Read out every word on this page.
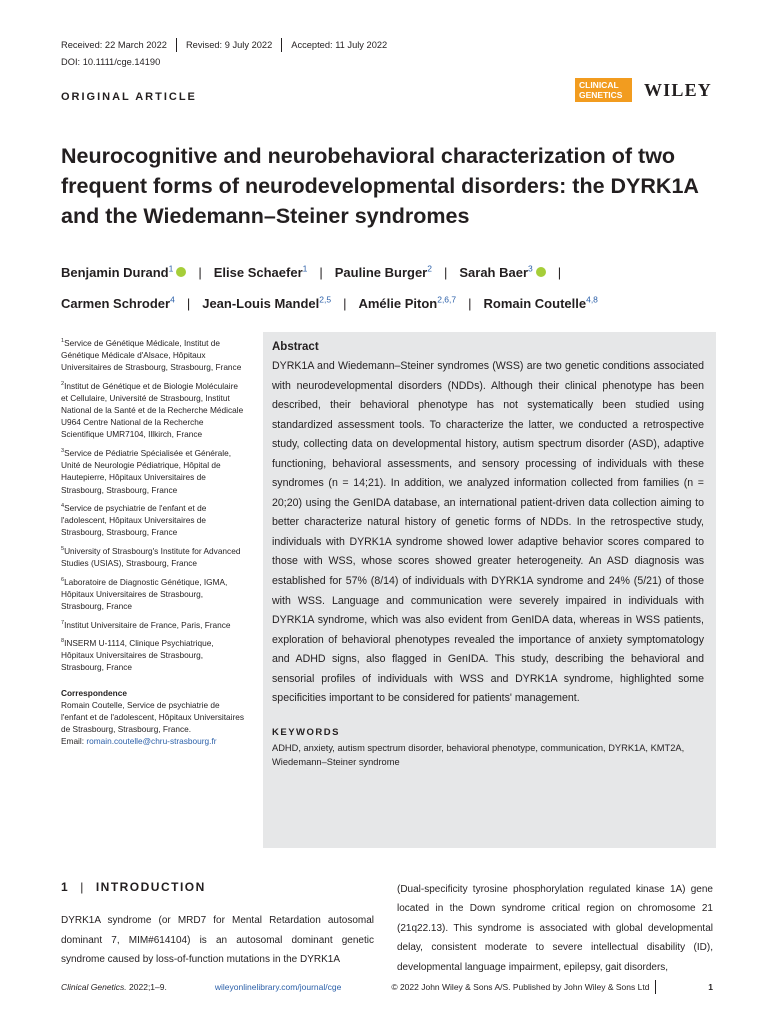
Received: 22 March 2022 Revised: 9 July 2022 Accepted: 11 July 2022
DOI: 10.1111/cge.14190
ORIGINAL ARTICLE
CLINICAL
GENETICS	WILEY
Neurocognitive and neurobehavioral characterization of two frequent forms of neurodevelopmental disorders: the DYRK1A and the Wiedemann–Steiner syndromes
Benjamin Durand$^1$ | Elise Schaefer$^1$ | Pauline Burger$^2$ | Sarah Baer$^3$ |
Carmen Schroder$^4$ | Jean-Louis Mandel$^{2,5}$ | Amélie Piton$^{2,6,7}$ | Romain Coutelle$^{4,8}$
$^1$Service de Génétique Médicale, Institut de Génétique Médicale d'Alsace, Hôpitaux Universitaires de Strasbourg, Strasbourg, France
$^2$Institut de Génétique et de Biologie Moléculaire et Cellulaire, Université de Strasbourg, Institut National de la Santé et de la Recherche Médicale U964 Centre National de la Recherche Scientifique UMR7104, Illkirch, France
$^3$Service de Pédiatrie Spécialisée et Générale, Unité de Neurologie Pédiatrique, Hôpital de Hautepierre, Hôpitaux Universitaires de Strasbourg, Strasbourg, France
$^4$Service de psychiatrie de l'enfant et de l'adolescent, Hôpitaux Universitaires de Strasbourg, Strasbourg, France
$^5$University of Strasbourg's Institute for Advanced Studies (USIAS), Strasbourg, France
$^6$Laboratoire de Diagnostic Génétique, IGMA, Hôpitaux Universitaires de Strasbourg, Strasbourg, France
$^7$Institut Universitaire de France, Paris, France
$^8$INSERM U-1114, Clinique Psychiatrique, Hôpitaux Universitaires de Strasbourg, Strasbourg, France
Correspondence
Romain Coutelle, Service de psychiatrie de l'enfant et de l'adolescent, Hôpitaux Universitaires de Strasbourg, Strasbourg, France.
Email: romain.coutelle@chru-strasbourg.fr
Abstract

DYRK1A and Wiedemann–Steiner syndromes (WSS) are two genetic conditions associated with neurodevelopmental disorders (NDDs). Although their clinical phenotype has been described, their behavioral phenotype has not systematically been studied using standardized assessment tools. To characterize the latter, we conducted a retrospective study, collecting data on developmental history, autism spectrum disorder (ASD), adaptive functioning, behavioral assessments, and sensory processing of individuals with these syndromes (n = 14;21). In addition, we analyzed information collected from families (n = 20;20) using the GenIDA database, an international patient-driven data collection aiming to better characterize natural history of genetic forms of NDDs. In the retrospective study, individuals with DYRK1A syndrome showed lower adaptive behavior scores compared to those with WSS, whose scores showed greater heterogeneity. An ASD diagnosis was established for 57% (8/14) of individuals with DYRK1A syndrome and 24% (5/21) of those with WSS. Language and communication were severely impaired in individuals with DYRK1A syndrome, which was also evident from GenIDA data, whereas in WSS patients, exploration of behavioral phenotypes revealed the importance of anxiety symptomatology and ADHD signs, also flagged in GenIDA. This study, describing the behavioral and sensorial profiles of individuals with WSS and DYRK1A syndrome, highlighted some specificities important to be considered for patients' management.

KEYWORDS
ADHD, anxiety, autism spectrum disorder, behavioral phenotype, communication, DYRK1A, KMT2A, Wiedemann–Steiner syndrome
1 | INTRODUCTION

DYRK1A syndrome (or MRD7 for Mental Retardation autosomal dominant 7, MIM#614104) is an autosomal dominant genetic syndrome caused by loss-of-function mutations in the DYRK1A

(Dual-specificity tyrosine phosphorylation regulated kinase 1A) gene located in the Down syndrome critical region on chromosome 21 (21q22.13). This syndrome is associated with global developmental delay, consistent moderate to severe intellectual disability (ID), developmental language impairment, epilepsy, gait disorders,

Clinical Genetics. 2022;1–9.	wileyonlinelibrary.com/journal/cge	© 2022 John Wiley & Sons A/S. Published by John Wiley & Sons Ltd	1
